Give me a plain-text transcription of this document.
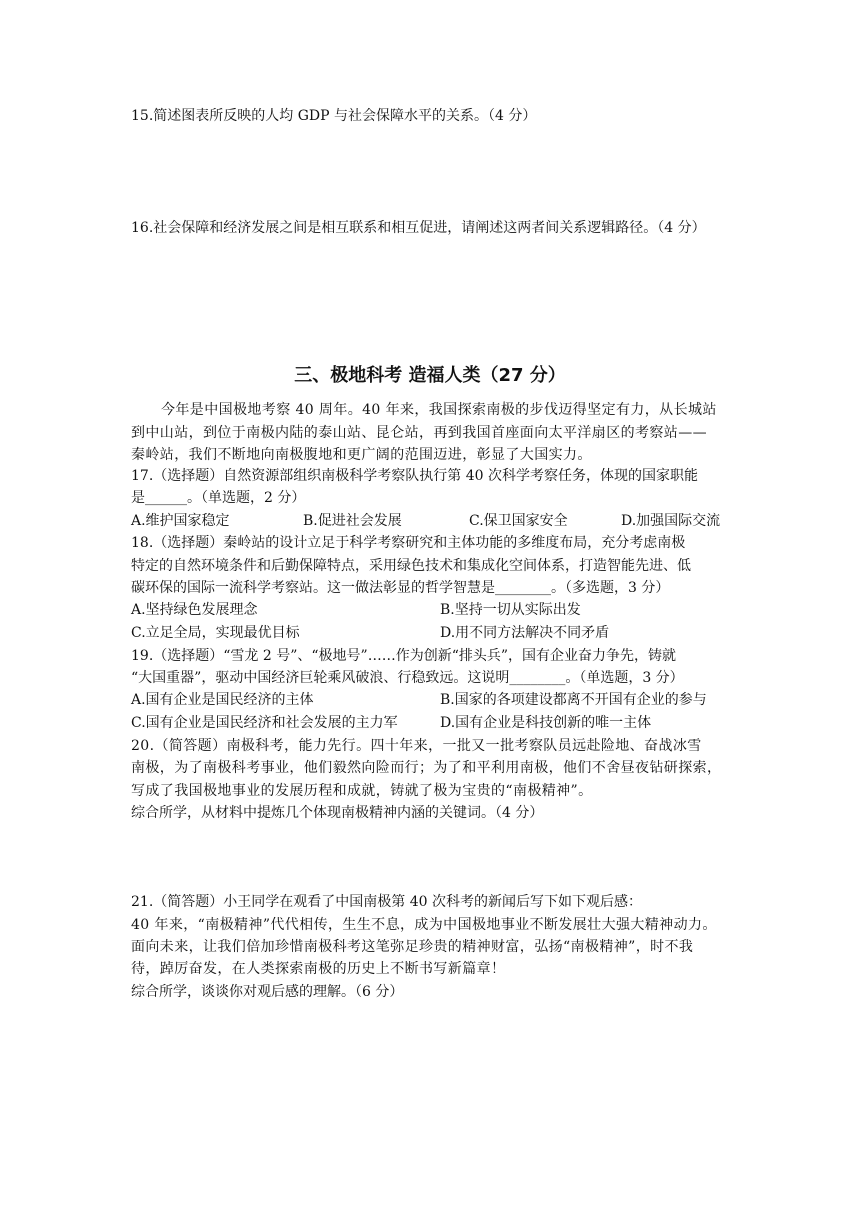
15.简述图表所反映的人均 GDP 与社会保障水平的关系。（4 分）
16.社会保障和经济发展之间是相互联系和相互促进，请阐述这两者间关系逻辑路径。（4 分）
三、极地科考 造福人类（27 分）
今年是中国极地考察 40 周年。40 年来，我国探索南极的步伐迈得坚定有力，从长城站
到中山站，到位于南极内陆的泰山站、昆仑站，再到我国首座面向太平洋扇区的考察站——
秦岭站，我们不断地向南极腹地和更广阔的范围迈进，彰显了大国实力。
17.（选择题）自然资源部组织南极科学考察队执行第 40 次科学考察任务，体现的国家职能
是______。（单选题，2 分）
A.维护国家稳定	B.促进社会发展	C.保卫国家安全	D.加强国际交流
18.（选择题）秦岭站的设计立足于科学考察研究和主体功能的多维度布局，充分考虑南极
特定的自然环境条件和后勤保障特点，采用绿色技术和集成化空间体系，打造智能先进、低
碳环保的国际一流科学考察站。这一做法彰显的哲学智慧是________。（多选题，3 分）
A.坚持绿色发展理念	B.坚持一切从实际出发
C.立足全局，实现最优目标	D.用不同方法解决不同矛盾
19.（选择题）“雪龙 2 号”、“极地号”……作为创新“排头兵”，国有企业奋力争先，铸就
“大国重器”，驱动中国经济巨轮乘风破浪、行稳致远。这说明________。（单选题，3 分）
A.国有企业是国民经济的主体	B.国家的各项建设都离不开国有企业的参与
C.国有企业是国民经济和社会发展的主力军	D.国有企业是科技创新的唯一主体
20.（简答题）南极科考，能力先行。四十年来，一批又一批考察队员远赴险地、奋战冰雪
南极，为了南极科考事业，他们毅然向险而行；为了和平利用南极，他们不舍昼夜钻研探索，
写成了我国极地事业的发展历程和成就，铸就了极为宝贵的“南极精神”。
综合所学，从材料中提炼几个体现南极精神内涵的关键词。（4 分）
21.（简答题）小王同学在观看了中国南极第 40 次科考的新闻后写下如下观后感：
40 年来，“南极精神”代代相传，生生不息，成为中国极地事业不断发展壮大强大精神动力。
面向未来，让我们倍加珍惜南极科考这笔弥足珍贵的精神财富，弘扬“南极精神”，时不我
待，踔厉奋发，在人类探索南极的历史上不断书写新篇章！
综合所学，谈谈你对观后感的理解。（6 分）
